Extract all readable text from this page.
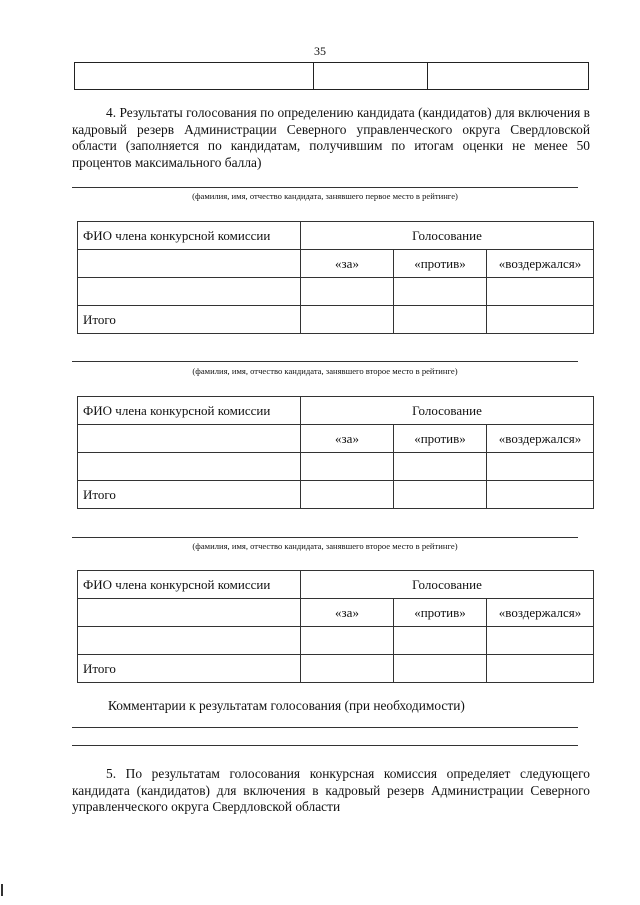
35

4. Результаты голосования по определению кандидата (кандидатов) для включения в кадровый резерв Администрации Северного управленческого округа Свердловской области (заполняется по кандидатам, получившим по итогам оценки не менее 50 процентов максимального балла)
(фамилия, имя, отчество кандидата, занявшего первое место в рейтинге)
ФИО члена конкурсной комиссии	Голосование		
	«за»	«против»	«воздержался»

Итого			
(фамилия, имя, отчество кандидата, занявшего второе место в рейтинге)
ФИО члена конкурсной комиссии	Голосование		
	«за»	«против»	«воздержался»

Итого			
(фамилия, имя, отчество кандидата, занявшего второе место в рейтинге)
ФИО члена конкурсной комиссии	Голосование		
	«за»	«против»	«воздержался»

Итого			
Комментарии к результатам голосования (при необходимости)
5. По результатам голосования конкурсная комиссия определяет следующего кандидата (кандидатов) для включения в кадровый резерв Администрации Северного управленческого округа Свердловской области
